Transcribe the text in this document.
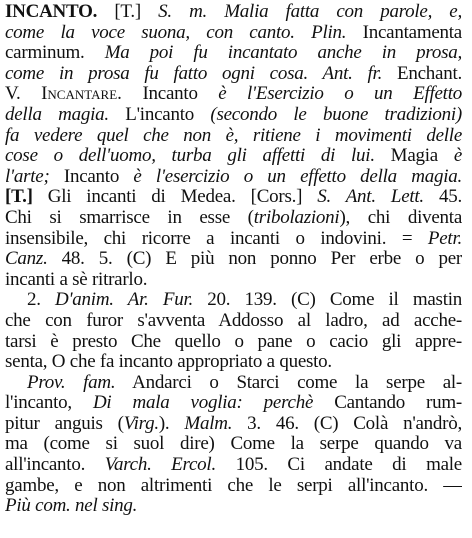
INCANTO. [T.] S. m. Malia fatta con parole, e,
come la voce suona, con canto. Plin. Incantamenta
carminum. Ma poi fu incantato anche in prosa,
come in prosa fu fatto ogni cosa. Ant. fr. Enchant.
V. Incantare. Incanto è l'Esercizio o un Effetto
della magia. L'incanto (secondo le buone tradizioni)
fa vedere quel che non è, ritiene i movimenti delle
cose o dell'uomo, turba gli affetti di lui. Magia è
l'arte; Incanto è l'esercizio o un effetto della magia.
[T.] Gli incanti di Medea. [Cors.] S. Ant. Lett. 45.
Chi si smarrisce in esse (tribolazioni), chi diventa
insensibile, chi ricorre a incanti o indovini. = Petr.
Canz. 48. 5. (C) E più non ponno Per erbe o per
incanti a sè ritrarlo.
2. D'anim. Ar. Fur. 20. 139. (C) Come il mastin
che con furor s'avventa Addosso al ladro, ad acche-
tarsi è presto Che quello o pane o cacio gli appre-
senta, O che fa incanto appropriato a questo.
Prov. fam. Andarci o Starci come la serpe al-
l'incanto, Di mala voglia: perchè Cantando rum-
pitur anguis (Virg.). Malm. 3. 46. (C) Colà n'andrò,
ma (come si suol dire) Come la serpe quando va
all'incanto. Varch. Ercol. 105. Ci andate di male
gambe, e non altrimenti che le serpi all'incanto. —
Più com. nel sing.
